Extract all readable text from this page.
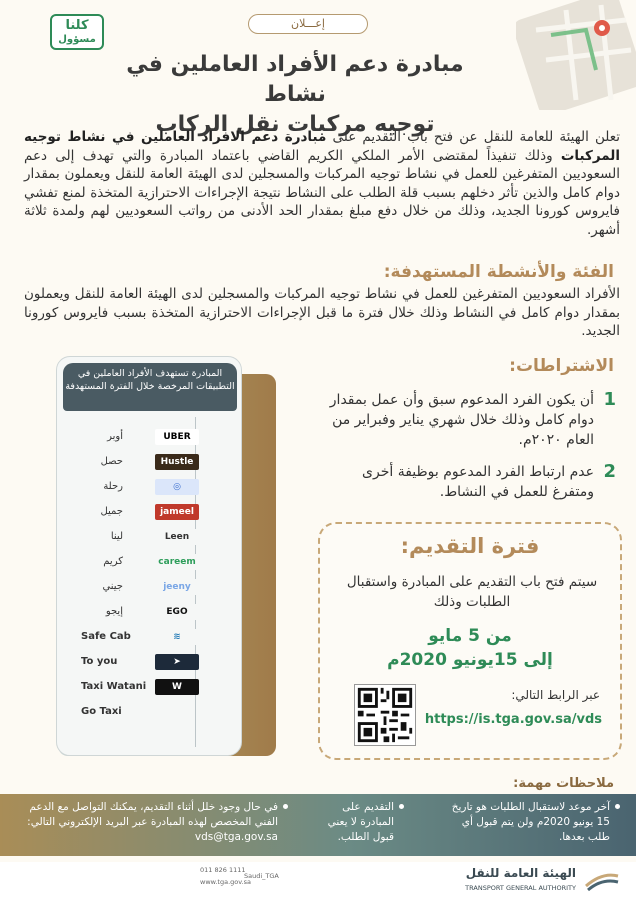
كلنا
مسؤول
إعـــلان
مبادرة دعم الأفراد العاملين في نشاط
توجيه مركبات نقل الركاب
تعلن الهيئة للعامة للنقل عن فتح باب التقديم على مبادرة دعم الافراد العاملين في نشاط توجيه المركبات وذلك تنفيذاً لمقتضى الأمر الملكي الكريم القاضي باعتماد المبادرة والتي تهدف إلى دعم السعوديين المتفرغين للعمل في نشاط توجيه المركبات والمسجلين لدى الهيئة العامة للنقل ويعملون بمقدار دوام كامل والذين تأثر دخلهم بسبب قلة الطلب على النشاط نتيجة الإجراءات الاحترازية المتخذة لمنع تفشي فايروس كورونا الجديد، وذلك من خلال دفع مبلغ بمقدار الحد الأدنى من رواتب السعوديين لهم ولمدة ثلاثة أشهر.
الفئة والأنشطة المستهدفة:
الأفراد السعوديين المتفرغين للعمل في نشاط توجيه المركبات والمسجلين لدى الهيئة العامة للنقل ويعملون بمقدار دوام كامل في النشاط وذلك خلال فترة ما قبل الإجراءات الاحترازية المتخذة بسبب فايروس كورونا الجديد.
المبادرة تستهدف الأفراد العاملين في التطبيقات المرخصة خلال الفترة المستهدفة
أوبر	UBER
حصل	Hustle
رحلة	◎
جميل	jameel
لينا	Leen
كريم	careem
جيني	jeeny
إيجو	EGO
Safe Cab	≋
To you	➤
Taxi Watani	W
Go Taxi
الاشتراطات:
1
أن يكون الفرد المدعوم سبق وأن عمل بمقدار دوام كامل وذلك خلال شهري يناير وفبراير من العام ٢٠٢٠م.
2
عدم ارتباط الفرد المدعوم بوظيفة أخرى ومتفرغ للعمل في النشاط.
فترة التقديم:
سيتم فتح باب التقديم على المبادرة واستقبال الطلبات وذلك
من 5 مايو
إلى 15يونيو 2020م
عبر الرابط التالي:
https://is.tga.gov.sa/vds
ملاحظات مهمة:
آخر موعد لاستقبال الطلبات هو تاريخ 15 يونيو 2020م ولن يتم قبول أي طلب بعدها.
التقديم على المبادرة لا يعني قبول الطلب.
في حال وجود خلل أثناء التقديم، يمكنك التواصل مع الدعم الفني المخصص لهذه المبادرة عبر البريد الإلكتروني التالي: vds@tga.gov.sa
الهيئة العامة للنقل
TRANSPORT GENERAL AUTHORITY
Saudi_TGA
011 826 1111
www.tga.gov.sa
